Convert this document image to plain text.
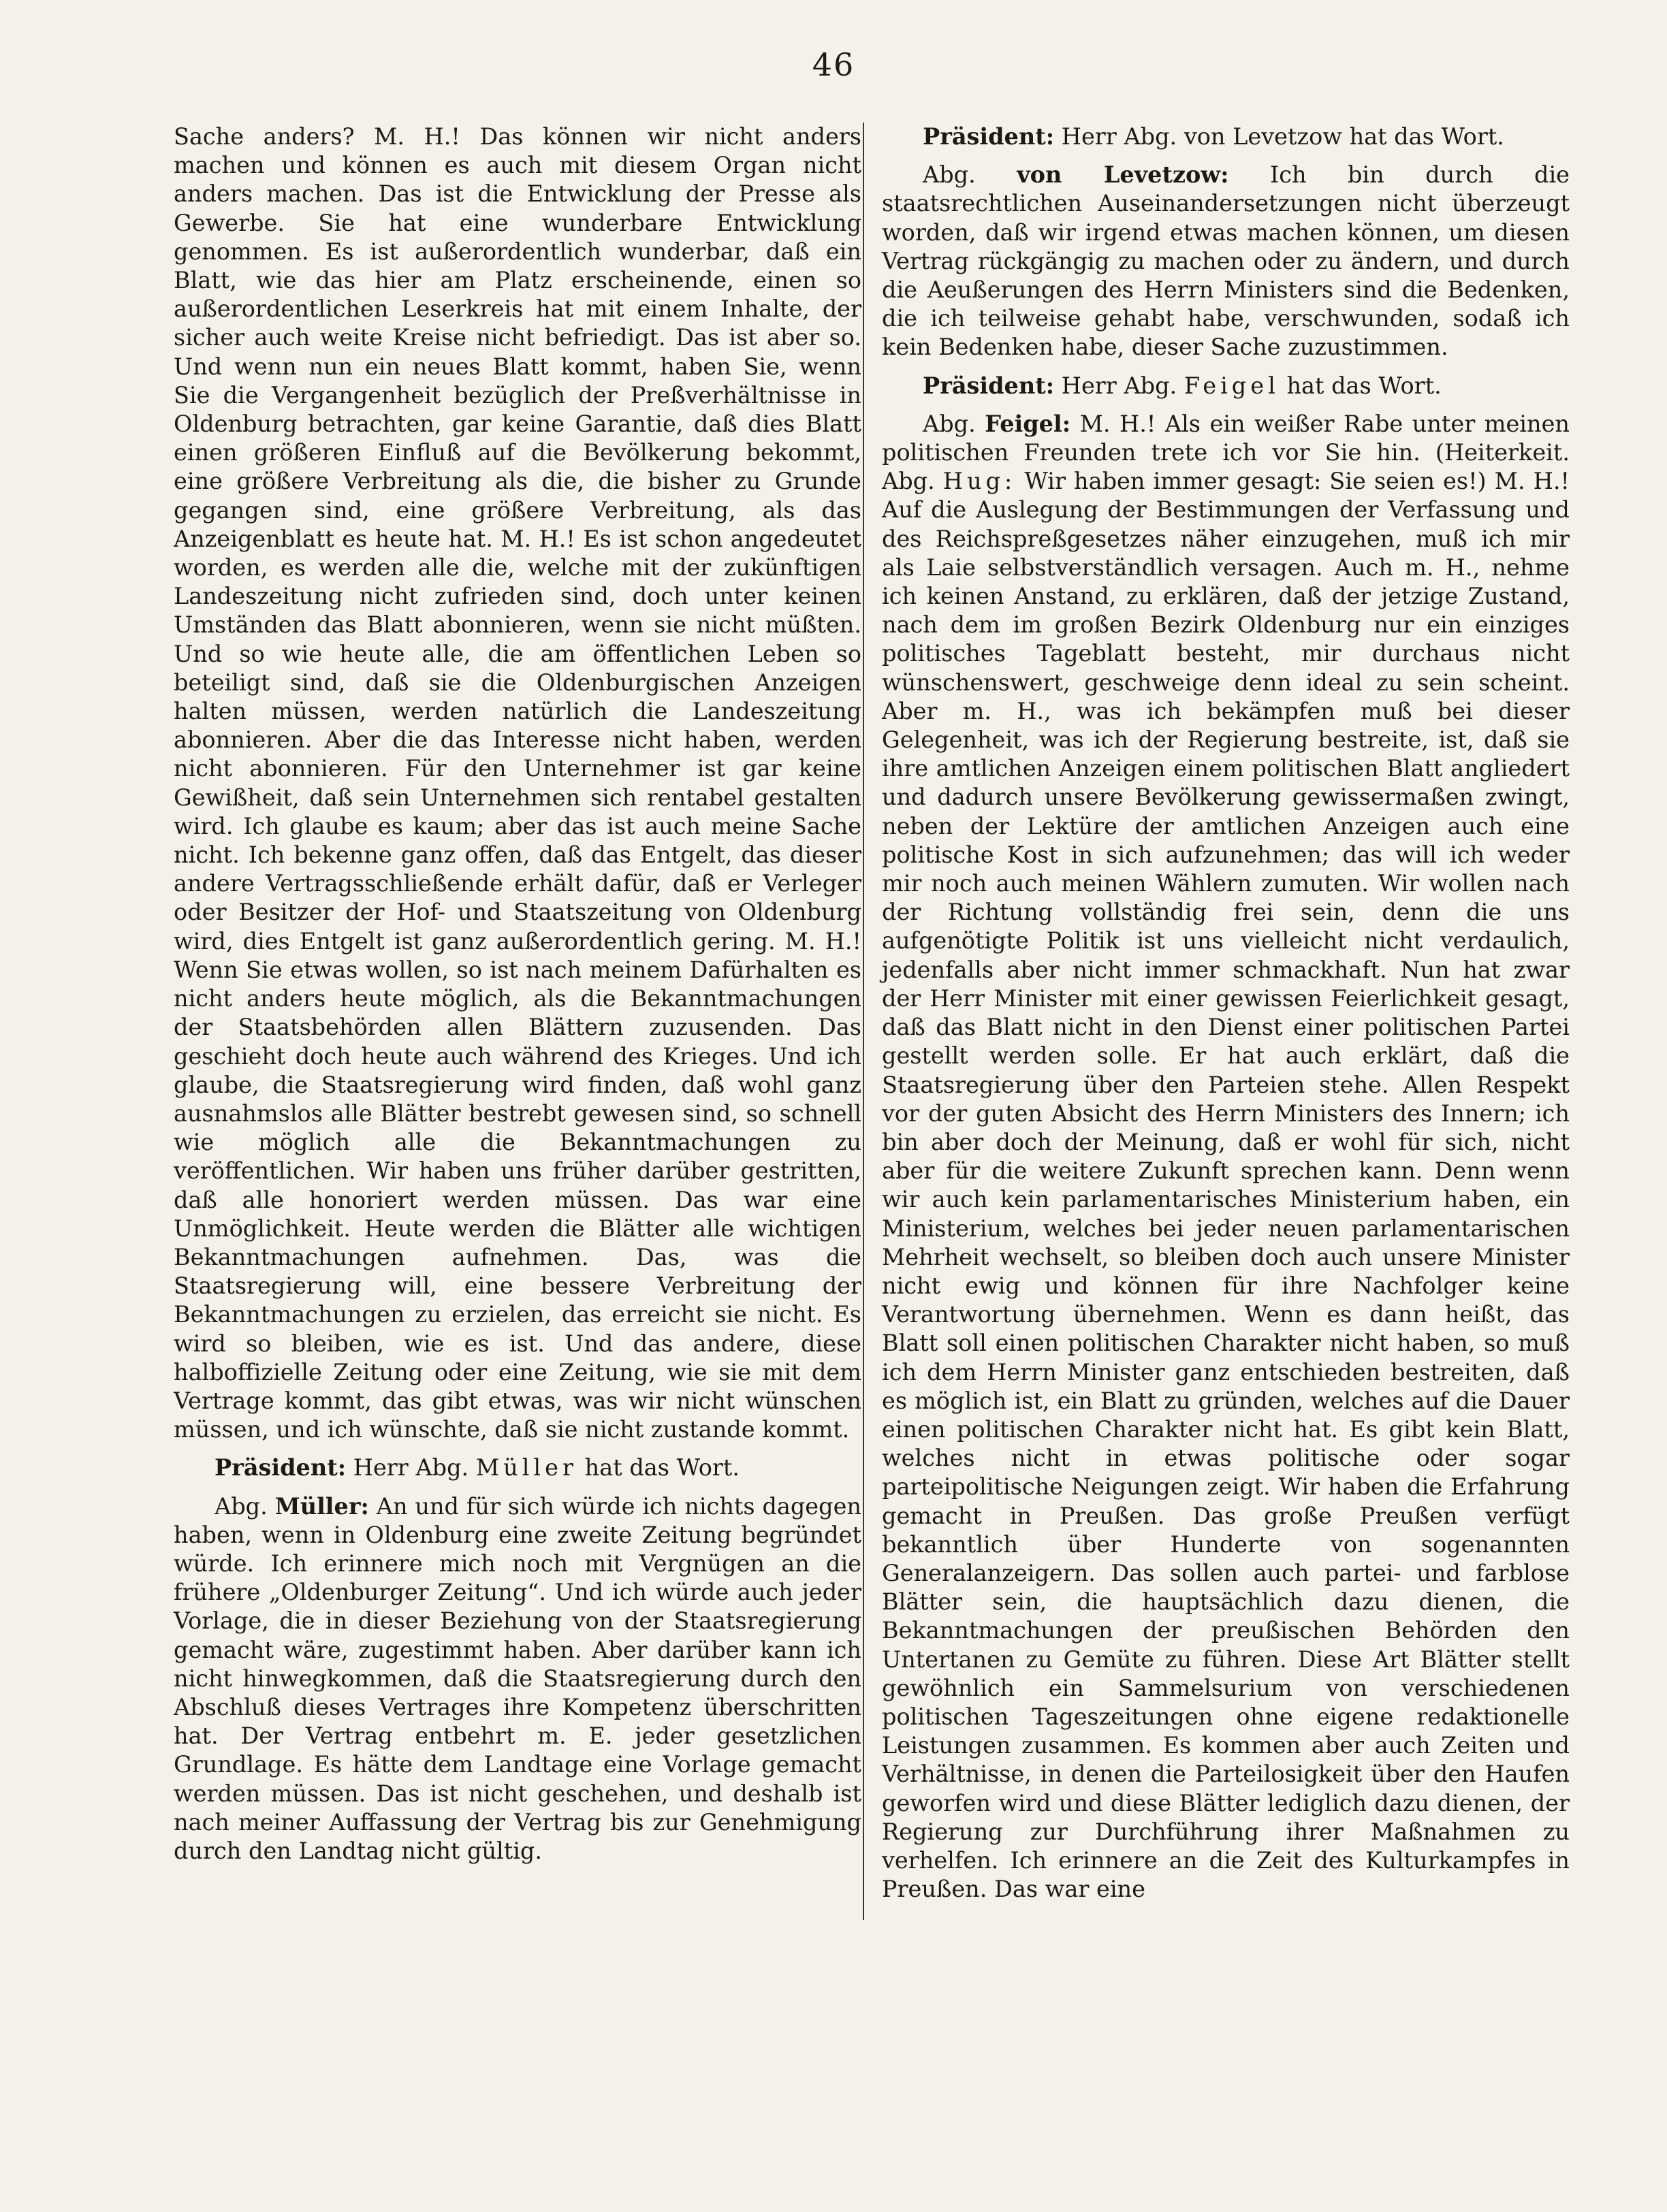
46

Sache anders? M. H.! Das können wir nicht anders machen und können es auch mit diesem Organ nicht anders machen. Das ist die Entwicklung der Presse als Gewerbe. Sie hat eine wunderbare Entwicklung genommen. Es ist außerordentlich wunderbar, daß ein Blatt, wie das hier am Platz erscheinende, einen so außerordentlichen Leserkreis hat mit einem Inhalte, der sicher auch weite Kreise nicht befriedigt. Das ist aber so. Und wenn nun ein neues Blatt kommt, haben Sie, wenn Sie die Vergangenheit bezüglich der Preßverhältnisse in Oldenburg betrachten, gar keine Garantie, daß dies Blatt einen größeren Einfluß auf die Bevölkerung bekommt, eine größere Verbreitung als die, die bisher zu Grunde gegangen sind, eine größere Verbreitung, als das Anzeigenblatt es heute hat. M. H.! Es ist schon angedeutet worden, es werden alle die, welche mit der zukünftigen Landeszeitung nicht zufrieden sind, doch unter keinen Umständen das Blatt abonnieren, wenn sie nicht müßten. Und so wie heute alle, die am öffentlichen Leben so beteiligt sind, daß sie die Oldenburgischen Anzeigen halten müssen, werden natürlich die Landeszeitung abonnieren. Aber die das Interesse nicht haben, werden nicht abonnieren. Für den Unternehmer ist gar keine Gewißheit, daß sein Unternehmen sich rentabel gestalten wird. Ich glaube es kaum; aber das ist auch meine Sache nicht. Ich bekenne ganz offen, daß das Entgelt, das dieser andere Vertragsschließende erhält dafür, daß er Verleger oder Besitzer der Hof- und Staatszeitung von Oldenburg wird, dies Entgelt ist ganz außerordentlich gering. M. H.! Wenn Sie etwas wollen, so ist nach meinem Dafürhalten es nicht anders heute möglich, als die Bekanntmachungen der Staatsbehörden allen Blättern zuzusenden. Das geschieht doch heute auch während des Krieges. Und ich glaube, die Staatsregierung wird finden, daß wohl ganz ausnahmslos alle Blätter bestrebt gewesen sind, so schnell wie möglich alle die Bekanntmachungen zu veröffentlichen. Wir haben uns früher darüber gestritten, daß alle honoriert werden müssen. Das war eine Unmöglichkeit. Heute werden die Blätter alle wichtigen Bekanntmachungen aufnehmen. Das, was die Staatsregierung will, eine bessere Verbreitung der Bekanntmachungen zu erzielen, das erreicht sie nicht. Es wird so bleiben, wie es ist. Und das andere, diese halboffizielle Zeitung oder eine Zeitung, wie sie mit dem Vertrage kommt, das gibt etwas, was wir nicht wünschen müssen, und ich wünschte, daß sie nicht zustande kommt.

Präsident: Herr Abg. Müller hat das Wort.

Abg. Müller: An und für sich würde ich nichts dagegen haben, wenn in Oldenburg eine zweite Zeitung begründet würde. Ich erinnere mich noch mit Vergnügen an die frühere „Oldenburger Zeitung“. Und ich würde auch jeder Vorlage, die in dieser Beziehung von der Staatsregierung gemacht wäre, zugestimmt haben. Aber darüber kann ich nicht hinwegkommen, daß die Staatsregierung durch den Abschluß dieses Vertrages ihre Kompetenz überschritten hat. Der Vertrag entbehrt m. E. jeder gesetzlichen Grundlage. Es hätte dem Landtage eine Vorlage gemacht werden müssen. Das ist nicht geschehen, und deshalb ist nach meiner Auffassung der Vertrag bis zur Genehmigung durch den Landtag nicht gültig.

Präsident: Herr Abg. von Levetzow hat das Wort.

Abg. von Levetzow: Ich bin durch die staatsrechtlichen Auseinandersetzungen nicht überzeugt worden, daß wir irgend etwas machen können, um diesen Vertrag rückgängig zu machen oder zu ändern, und durch die Aeußerungen des Herrn Ministers sind die Bedenken, die ich teilweise gehabt habe, verschwunden, sodaß ich kein Bedenken habe, dieser Sache zuzustimmen.

Präsident: Herr Abg. Feigel hat das Wort.

Abg. Feigel: M. H.! Als ein weißer Rabe unter meinen politischen Freunden trete ich vor Sie hin. (Heiterkeit. Abg. Hug: Wir haben immer gesagt: Sie seien es!) M. H.! Auf die Auslegung der Bestimmungen der Verfassung und des Reichspreßgesetzes näher einzugehen, muß ich mir als Laie selbstverständlich versagen. Auch m. H., nehme ich keinen Anstand, zu erklären, daß der jetzige Zustand, nach dem im großen Bezirk Oldenburg nur ein einziges politisches Tageblatt besteht, mir durchaus nicht wünschenswert, geschweige denn ideal zu sein scheint. Aber m. H., was ich bekämpfen muß bei dieser Gelegenheit, was ich der Regierung bestreite, ist, daß sie ihre amtlichen Anzeigen einem politischen Blatt angliedert und dadurch unsere Bevölkerung gewissermaßen zwingt, neben der Lektüre der amtlichen Anzeigen auch eine politische Kost in sich aufzunehmen; das will ich weder mir noch auch meinen Wählern zumuten. Wir wollen nach der Richtung vollständig frei sein, denn die uns aufgenötigte Politik ist uns vielleicht nicht verdaulich, jedenfalls aber nicht immer schmackhaft. Nun hat zwar der Herr Minister mit einer gewissen Feierlichkeit gesagt, daß das Blatt nicht in den Dienst einer politischen Partei gestellt werden solle. Er hat auch erklärt, daß die Staatsregierung über den Parteien stehe. Allen Respekt vor der guten Absicht des Herrn Ministers des Innern; ich bin aber doch der Meinung, daß er wohl für sich, nicht aber für die weitere Zukunft sprechen kann. Denn wenn wir auch kein parlamentarisches Ministerium haben, ein Ministerium, welches bei jeder neuen parlamentarischen Mehrheit wechselt, so bleiben doch auch unsere Minister nicht ewig und können für ihre Nachfolger keine Verantwortung übernehmen. Wenn es dann heißt, das Blatt soll einen politischen Charakter nicht haben, so muß ich dem Herrn Minister ganz entschieden bestreiten, daß es möglich ist, ein Blatt zu gründen, welches auf die Dauer einen politischen Charakter nicht hat. Es gibt kein Blatt, welches nicht in etwas politische oder sogar parteipolitische Neigungen zeigt. Wir haben die Erfahrung gemacht in Preußen. Das große Preußen verfügt bekanntlich über Hunderte von sogenannten Generalanzeigern. Das sollen auch partei- und farblose Blätter sein, die hauptsächlich dazu dienen, die Bekanntmachungen der preußischen Behörden den Untertanen zu Gemüte zu führen. Diese Art Blätter stellt gewöhnlich ein Sammelsurium von verschiedenen politischen Tageszeitungen ohne eigene redaktionelle Leistungen zusammen. Es kommen aber auch Zeiten und Verhältnisse, in denen die Parteilosigkeit über den Haufen geworfen wird und diese Blätter lediglich dazu dienen, der Regierung zur Durchführung ihrer Maßnahmen zu verhelfen. Ich erinnere an die Zeit des Kulturkampfes in Preußen. Das war eine
